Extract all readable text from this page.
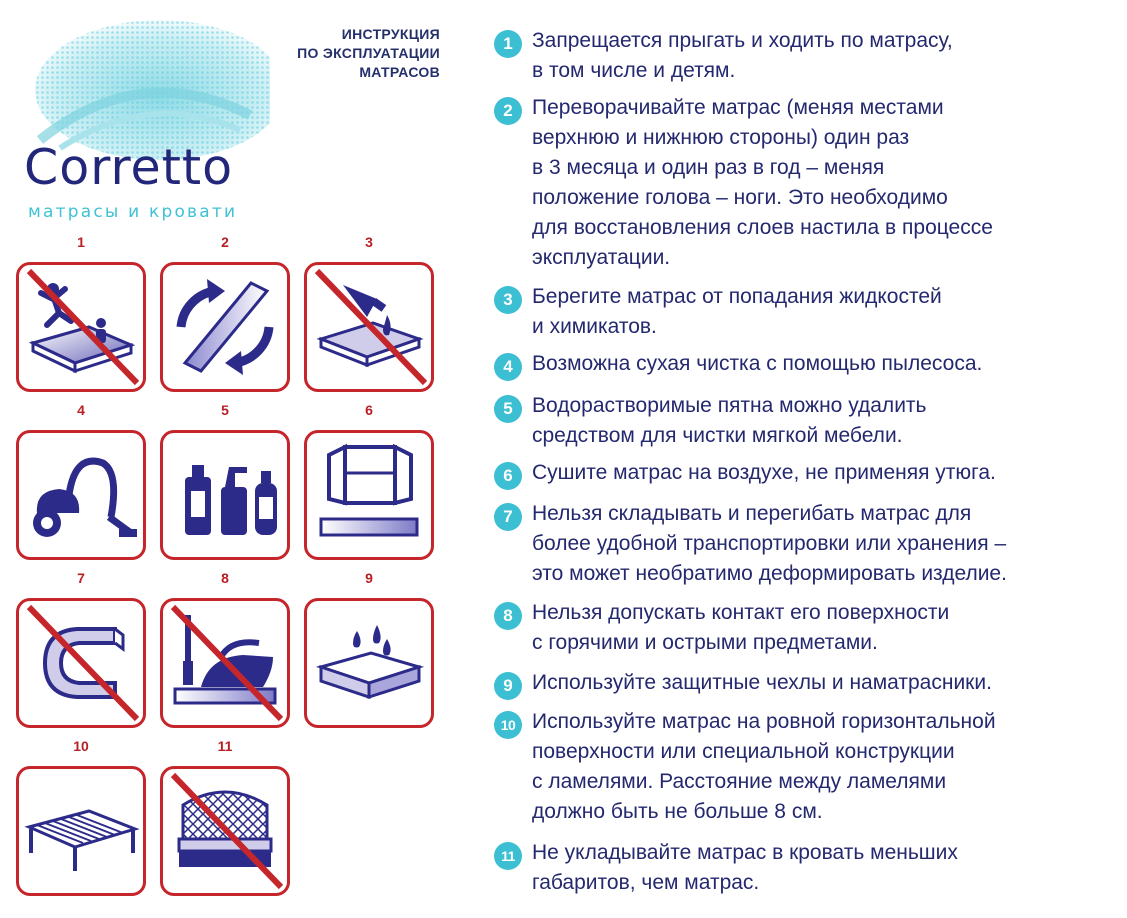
ИНСТРУКЦИЯ
ПО ЭКСПЛУАТАЦИИ
МАТРАСОВ
Corretto
матрасы и кровати
1	2	3
4	5	6
7	8	9
10	11
1 Запрещается прыгать и ходить по матрасу,
в том числе и детям.
2 Переворачивайте матрас (меняя местами
верхнюю и нижнюю стороны) один раз
в 3 месяца и один раз в год – меняя
положение голова – ноги. Это необходимо
для восстановления слоев настила в процессе
эксплуатации.
3 Берегите матрас от попадания жидкостей
и химикатов.
4 Возможна сухая чистка с помощью пылесоса.
5 Водорастворимые пятна можно удалить
средством для чистки мягкой мебели.
6 Сушите матрас на воздухе, не применяя утюга.
7 Нельзя складывать и перегибать матрас для
более удобной транспортировки или хранения –
это может необратимо деформировать изделие.
8 Нельзя допускать контакт его поверхности
с горячими и острыми предметами.
9 Используйте защитные чехлы и наматрасники.
10 Используйте матрас на ровной горизонтальной
поверхности или специальной конструкции
с ламелями. Расстояние между ламелями
должно быть не больше 8 см.
11 Не укладывайте матрас в кровать меньших
габаритов, чем матрас.
